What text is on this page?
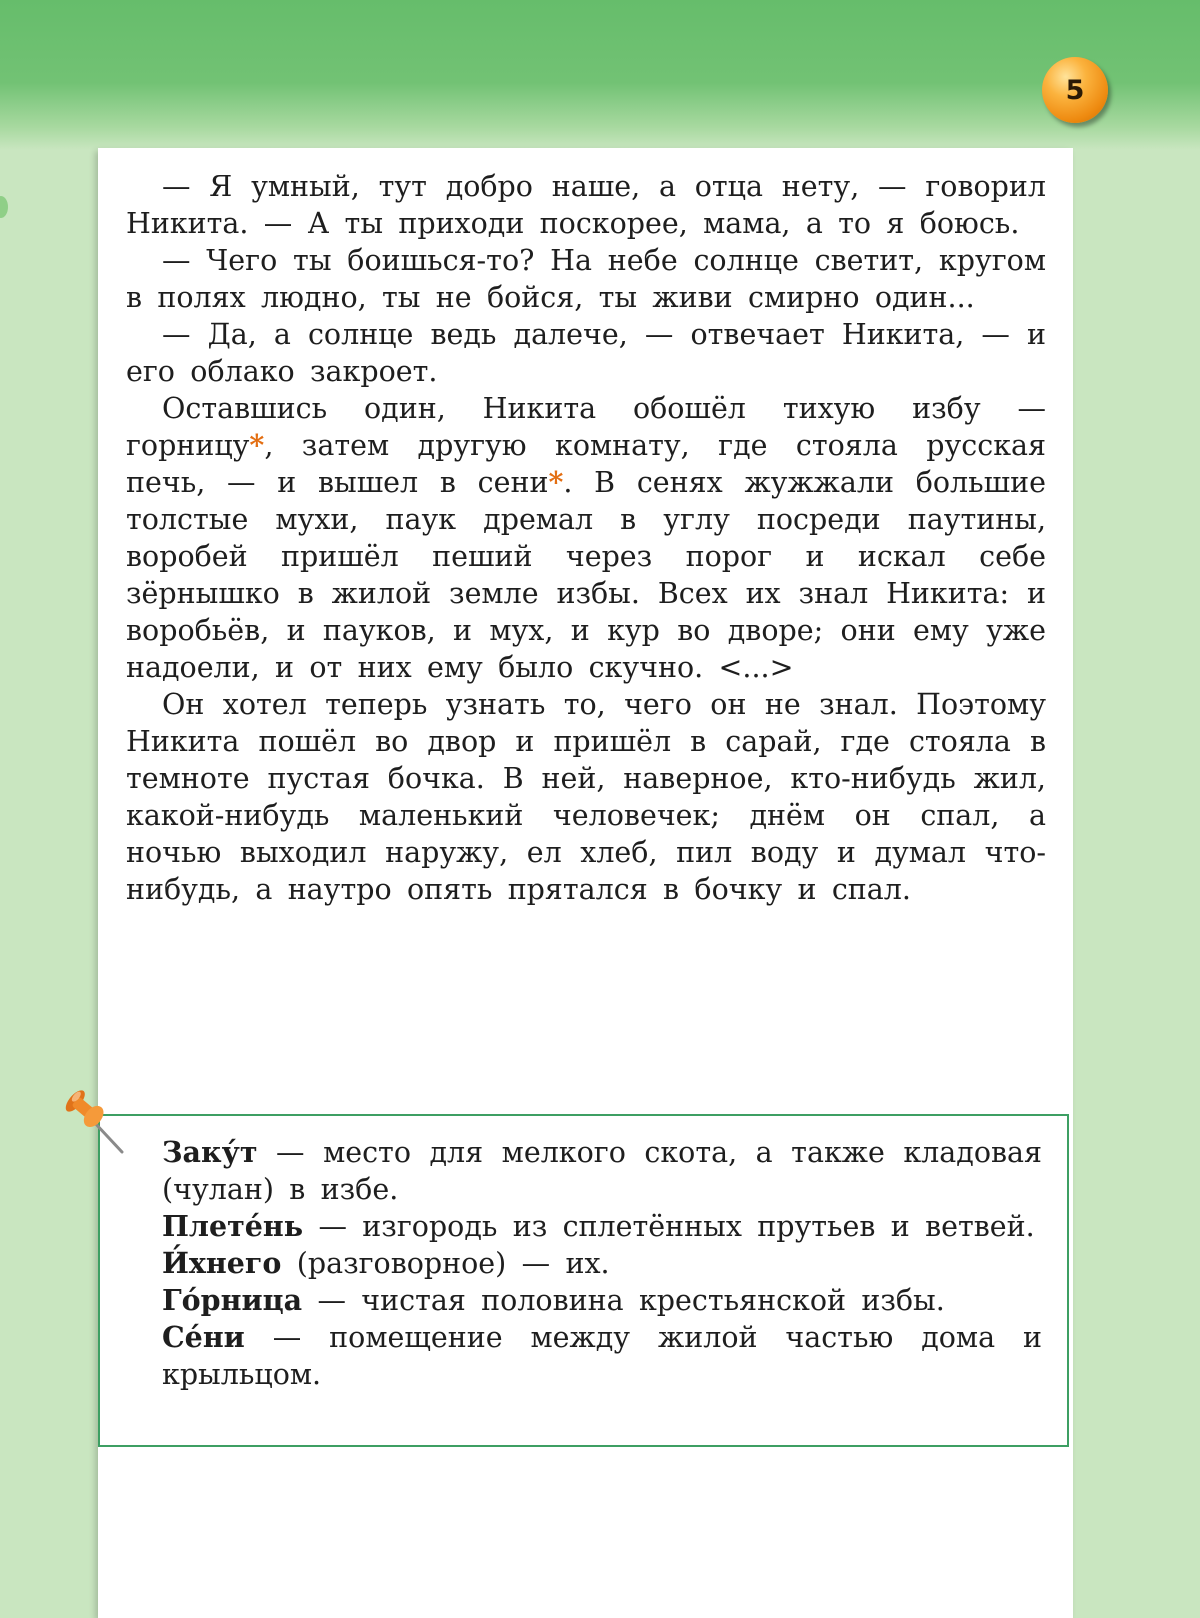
5

— Я умный, тут добро наше, а отца нету, — говорил Никита. — А ты приходи поскорее, мама, а то я боюсь.

— Чего ты боишься-то? На небе солнце светит, кругом в полях людно, ты не бойся, ты живи смирно один...

— Да, а солнце ведь далече, — отвечает Никита, — и его облако закроет.

Оставшись один, Никита обошёл тихую избу — горницу*, затем другую комнату, где стояла русская печь, — и вышел в сени*. В сенях жужжали большие толстые мухи, паук дремал в углу посреди паутины, воробей пришёл пеший через порог и искал себе зёрнышко в жилой земле избы. Всех их знал Никита: и воробьёв, и пауков, и мух, и кур во дворе; они ему уже надоели, и от них ему было скучно. <...>

Он хотел теперь узнать то, чего он не знал. Поэтому Никита пошёл во двор и пришёл в сарай, где стояла в темноте пустая бочка. В ней, наверное, кто-нибудь жил, какой-нибудь маленький человечек; днём он спал, а ночью выходил наружу, ел хлеб, пил воду и думал что-нибудь, а наутро опять прятался в бочку и спал.

Заку́т — место для мелкого скота, а также кладовая (чулан) в избе.

Плете́нь — изгородь из сплетённых прутьев и ветвей.

И́хнего (разговорное) — их.

Го́рница — чистая половина крестьянской избы.

Се́ни — помещение между жилой частью дома и крыльцом.
